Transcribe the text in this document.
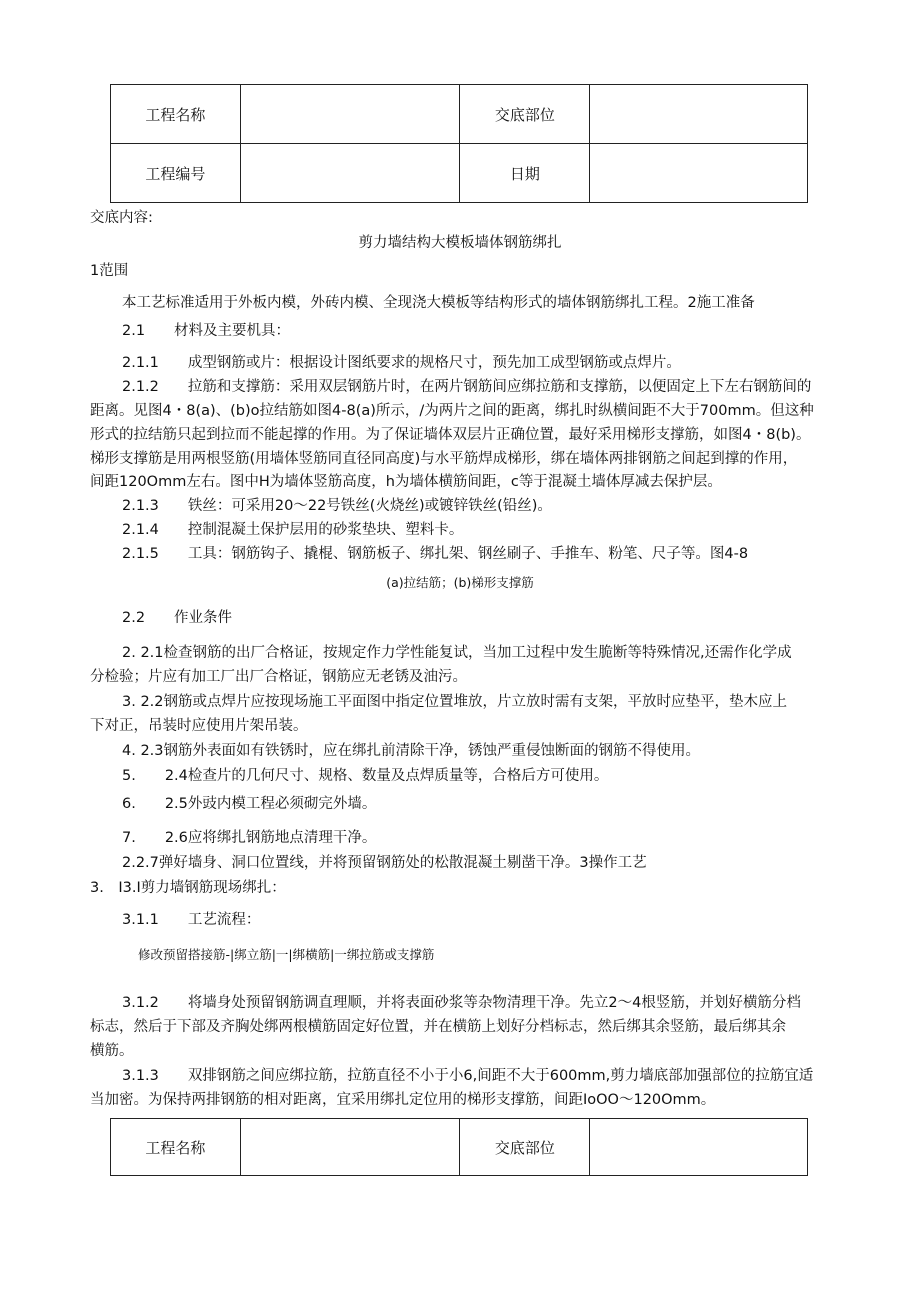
工程名称		交底部位	
工程编号		日期	
交底内容:
剪力墙结构大模板墙体钢筋绑扎
1范围
本工艺标准适用于外板内模，外砖内模、全现浇大模板等结构形式的墙体钢筋绑扎工程。2施工准备
2.1　　材料及主要机具：
2.1.1　　成型钢筋或片：根据设计图纸要求的规格尺寸，预先加工成型钢筋或点焊片。
2.1.2　　拉筋和支撑筋：采用双层钢筋片时，在两片钢筋间应绑拉筋和支撑筋，以便固定上下左右钢筋间的
距离。见图4・8(a)、(b)o拉结筋如图4-8(a)所示，/为两片之间的距离，绑扎时纵横间距不大于700mm。但这种
形式的拉结筋只起到拉而不能起撑的作用。为了保证墙体双层片正确位置，最好采用梯形支撑筋，如图4・8(b)。
梯形支撑筋是用两根竖筋(用墙体竖筋同直径同高度)与水平筋焊成梯形，绑在墙体两排钢筋之间起到撑的作用，
间距120Omm左右。图中H为墙体竖筋高度，h为墙体横筋间距，c等于混凝土墙体厚减去保护层。
2.1.3　　铁丝：可采用20〜22号铁丝(火烧丝)或镀锌铁丝(铅丝)。
2.1.4　　控制混凝土保护层用的砂浆垫块、塑料卡。
2.1.5　　工具：钢筋钩子、撬棍、钢筋板子、绑扎架、钢丝刷子、手推车、粉笔、尺子等。图4-8
(a)拉结筋；(b)梯形支撑筋
2.2　　作业条件
2. 2.1检查钢筋的出厂合格证，按规定作力学性能复试，当加工过程中发生脆断等特殊情况,还需作化学成
分检验；片应有加工厂出厂合格证，钢筋应无老锈及油污。
3. 2.2钢筋或点焊片应按现场施工平面图中指定位置堆放，片立放时需有支架，平放时应垫平，垫木应上
下对正，吊装时应使用片架吊装。
4. 2.3钢筋外表面如有铁锈时，应在绑扎前清除干净，锈蚀严重侵蚀断面的钢筋不得使用。
5.　　2.4检查片的几何尺寸、规格、数量及点焊质量等，合格后方可使用。
6.　　2.5外豉内模工程必须砌完外墙。
7.　　2.6应将绑扎钢筋地点清理干净。
2.2.7弹好墙身、洞口位置线，并将预留钢筋处的松散混凝土剔凿干净。3操作工艺
3.　I3.I剪力墙钢筋现场绑扎：
3.1.1　　工艺流程：
修改预留搭接筋-|绑立筋|一|绑横筋|一绑拉筋或支撑筋
3.1.2　　将墙身处预留钢筋调直理顺，并将表面砂浆等杂物清理干净。先立2〜4根竖筋，并划好横筋分档
标志，然后于下部及齐胸处绑两根横筋固定好位置，并在横筋上划好分档标志，然后绑其余竖筋，最后绑其余
横筋。
3.1.3　　双排钢筋之间应绑拉筋，拉筋直径不小于小6,间距不大于600mm,剪力墙底部加强部位的拉筋宜适
当加密。为保持两排钢筋的相对距离，宜采用绑扎定位用的梯形支撑筋，间距IoOO〜120Omm。
工程名称		交底部位	
